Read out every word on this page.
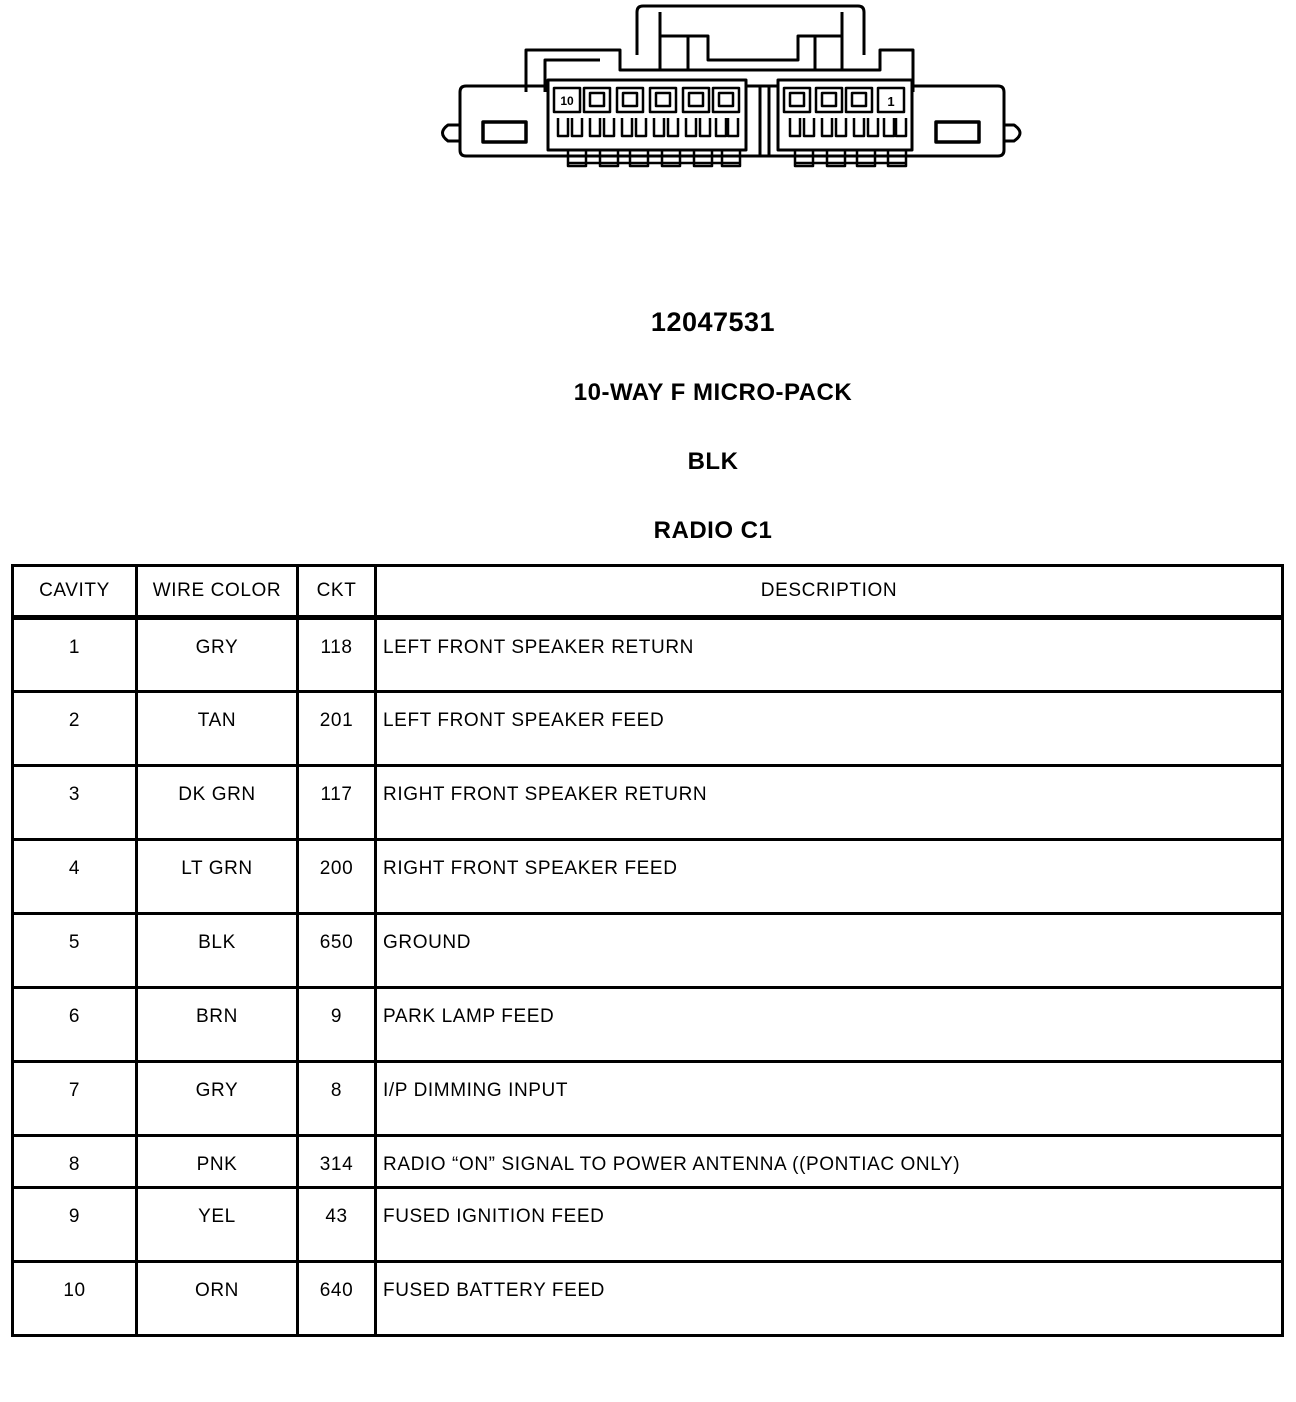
10	1
12047531
10-WAY F MICRO-PACK
BLK
RADIO C1
CAVITY	WIRE COLOR	CKT	DESCRIPTION
1	GRY	118	LEFT FRONT SPEAKER RETURN
2	TAN	201	LEFT FRONT SPEAKER FEED
3	DK GRN	117	RIGHT FRONT SPEAKER RETURN
4	LT GRN	200	RIGHT FRONT SPEAKER FEED
5	BLK	650	GROUND
6	BRN	9	PARK LAMP FEED
7	GRY	8	I/P DIMMING INPUT
8	PNK	314	RADIO “ON” SIGNAL TO POWER ANTENNA ((PONTIAC ONLY)
9	YEL	43	FUSED IGNITION FEED
10	ORN	640	FUSED BATTERY FEED
